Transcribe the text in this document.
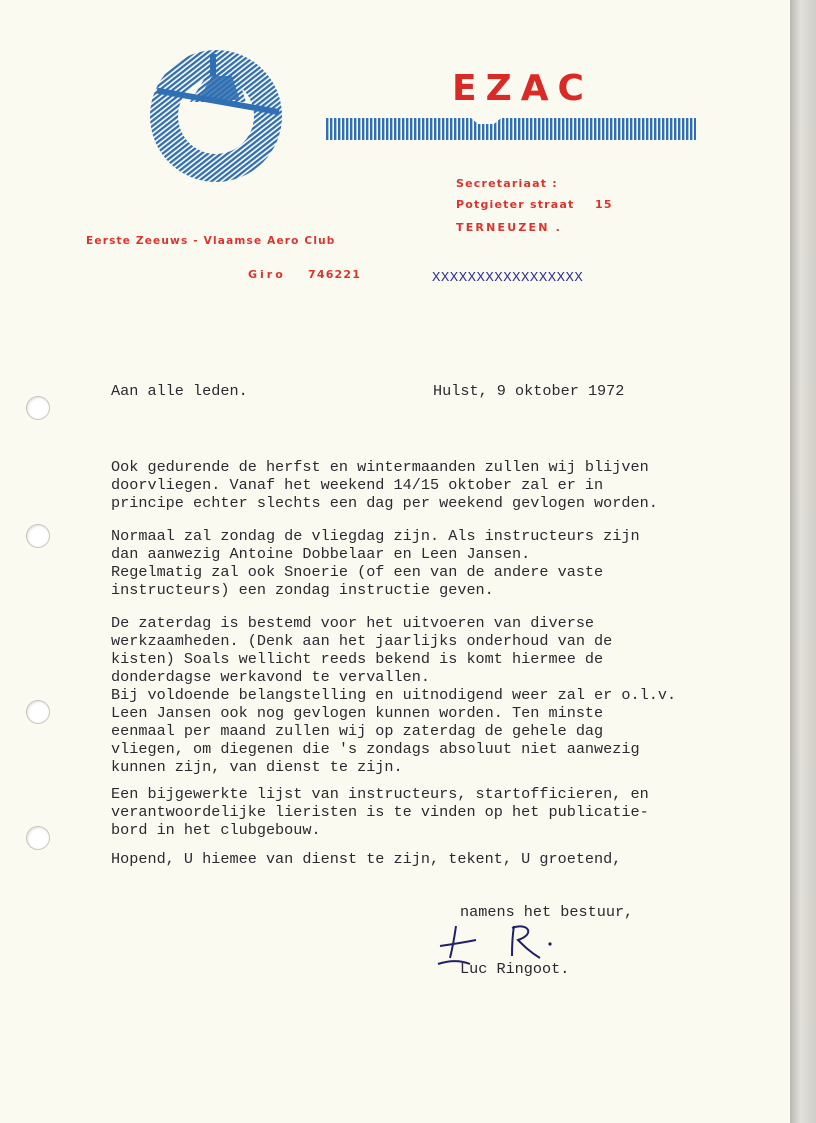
EZAC
Secretariaat :
Potgieter straat 15
TERNEUZEN .
Eerste Zeeuws - Vlaamse Aero Club
Giro 746221	XXXXXXXXXXXXXXXXX
Aan alle leden.	Hulst, 9 oktober 1972
Ook gedurende de herfst en wintermaanden zullen wij blijven
doorvliegen. Vanaf het weekend 14/15 oktober zal er in
principe echter slechts een dag per weekend gevlogen worden.
Normaal zal zondag de vliegdag zijn. Als instructeurs zijn
dan aanwezig Antoine Dobbelaar en Leen Jansen.
Regelmatig zal ook Snoerie (of een van de andere vaste
instructeurs) een zondag instructie geven.
De zaterdag is bestemd voor het uitvoeren van diverse
werkzaamheden. (Denk aan het jaarlijks onderhoud van de
kisten) Soals wellicht reeds bekend is komt hiermee de
donderdagse werkavond te vervallen.
Bij voldoende belangstelling en uitnodigend weer zal er o.l.v.
Leen Jansen ook nog gevlogen kunnen worden. Ten minste
eenmaal per maand zullen wij op zaterdag de gehele dag
vliegen, om diegenen die 's zondags absoluut niet aanwezig
kunnen zijn, van dienst te zijn.
Een bijgewerkte lijst van instructeurs, startofficieren, en
verantwoordelijke lieristen is te vinden op het publicatie-
bord in het clubgebouw.
Hopend, U hiemee van dienst te zijn, tekent, U groetend,
namens het bestuur,
Luc Ringoot.
